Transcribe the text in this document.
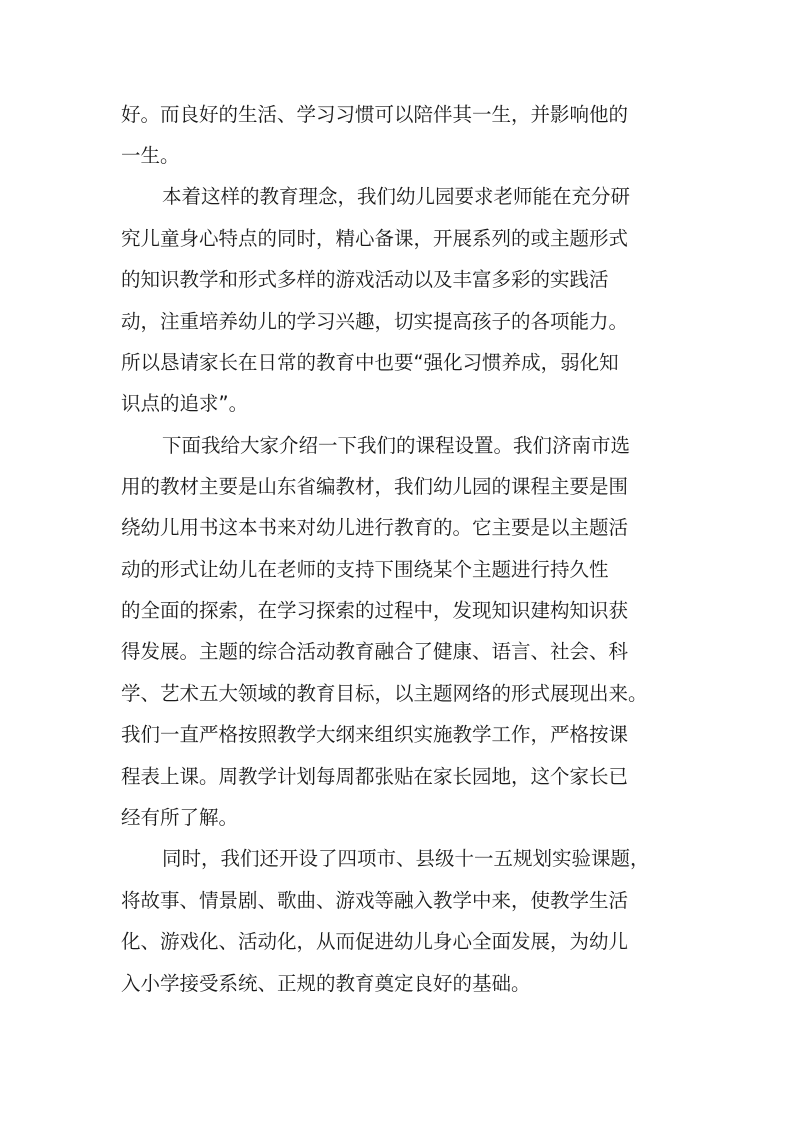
好。而良好的生活、学习习惯可以陪伴其一生，并影响他的
一生。
本着这样的教育理念，我们幼儿园要求老师能在充分研
究儿童身心特点的同时，精心备课，开展系列的或主题形式
的知识教学和形式多样的游戏活动以及丰富多彩的实践活
动，注重培养幼儿的学习兴趣，切实提高孩子的各项能力。
所以恳请家长在日常的教育中也要“强化习惯养成，弱化知
识点的追求”。
下面我给大家介绍一下我们的课程设置。我们济南市选
用的教材主要是山东省编教材，我们幼儿园的课程主要是围
绕幼儿用书这本书来对幼儿进行教育的。它主要是以主题活
动的形式让幼儿在老师的支持下围绕某个主题进行持久性
的全面的探索，在学习探索的过程中，发现知识建构知识获
得发展。主题的综合活动教育融合了健康、语言、社会、科
学、艺术五大领域的教育目标，以主题网络的形式展现出来。
我们一直严格按照教学大纲来组织实施教学工作，严格按课
程表上课。周教学计划每周都张贴在家长园地，这个家长已
经有所了解。
同时，我们还开设了四项市、县级十一五规划实验课题，
将故事、情景剧、歌曲、游戏等融入教学中来，使教学生活
化、游戏化、活动化，从而促进幼儿身心全面发展，为幼儿
入小学接受系统、正规的教育奠定良好的基础。
